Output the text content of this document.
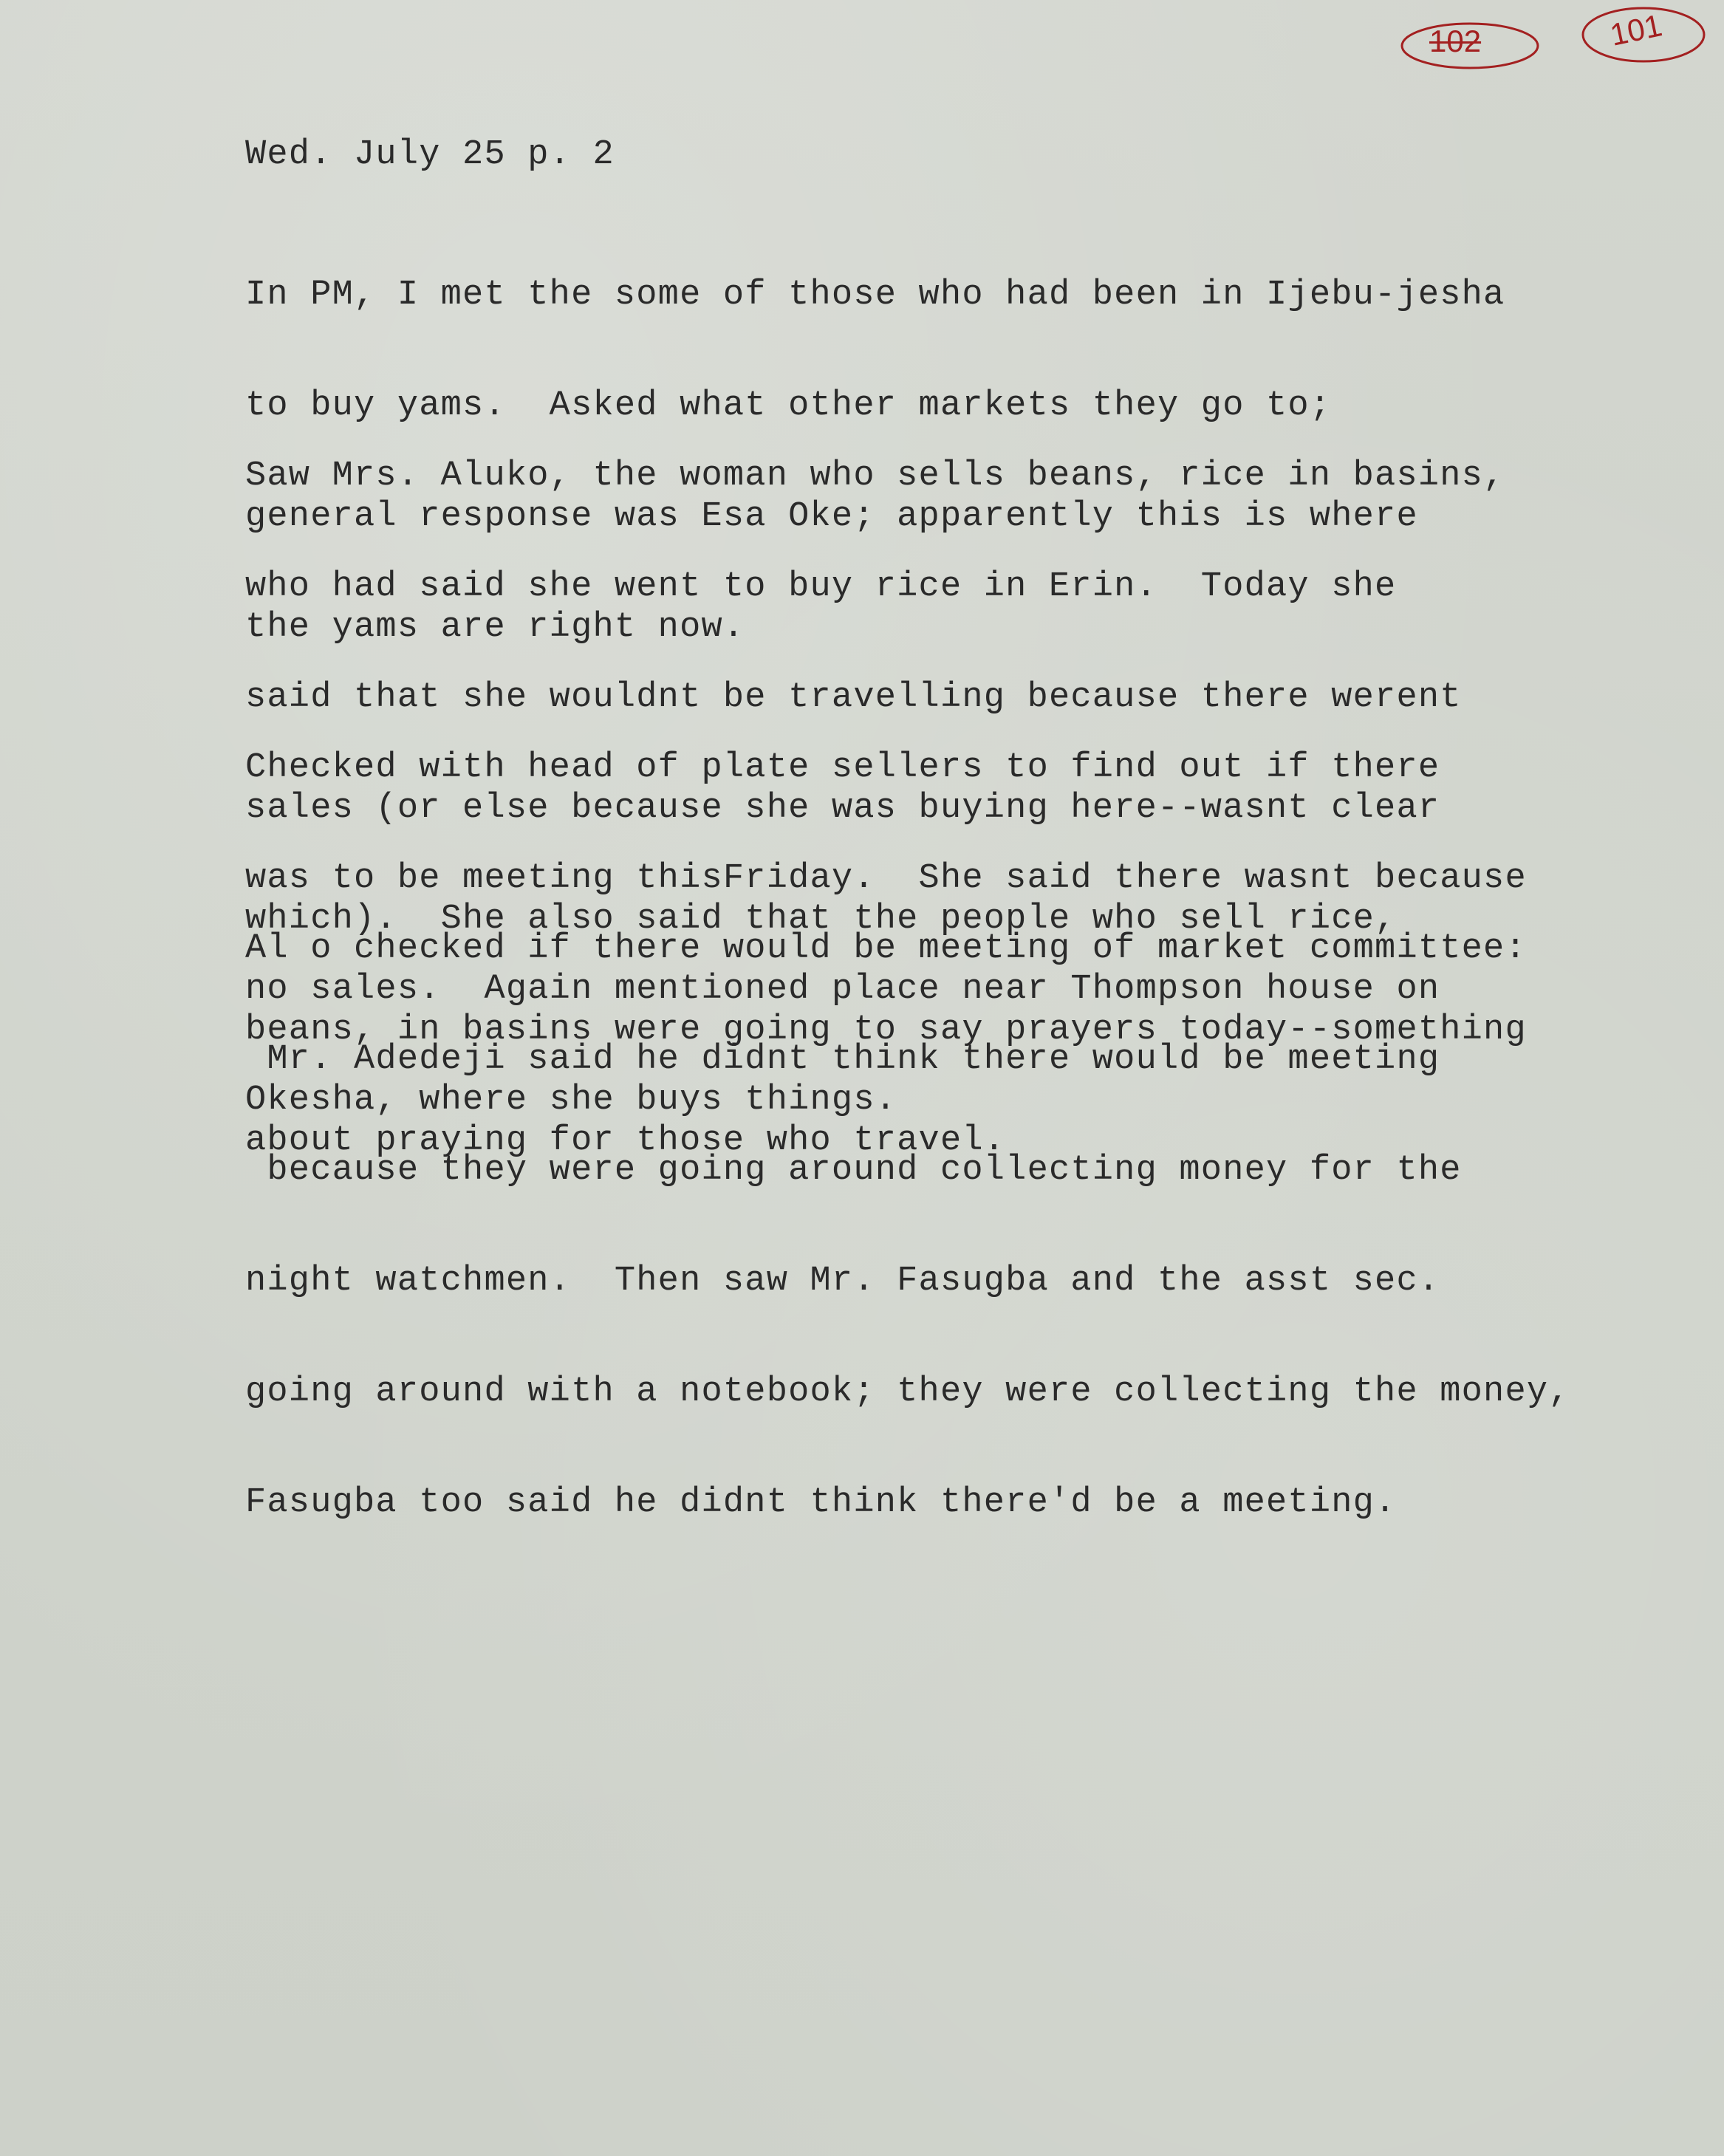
102	101
Wed. July 25 p. 2

In PM, I met the some of those who had been in Ijebu-jesha

to buy yams.  Asked what other markets they go to;

general response was Esa Oke; apparently this is where

the yams are right now.

Saw Mrs. Aluko, the woman who sells beans, rice in basins,

who had said she went to buy rice in Erin.  Today she

said that she wouldnt be travelling because there werent

sales (or else because she was buying here--wasnt clear

which).  She also said that the people who sell rice,

beans, in basins were going to say prayers today--something

about praying for those who travel.

Checked with head of plate sellers to find out if there

was to be meeting thisFriday.  She said there wasnt because

no sales.  Again mentioned place near Thompson house on

Okesha, where she buys things.

Al o checked if there would be meeting of market committee:

Mr. Adedeji said he didnt think there would be meeting

because they were going around collecting money for the

night watchmen.  Then saw Mr. Fasugba and the asst sec.

going around with a notebook; they were collecting the money,

Fasugba too said he didnt think there'd be a meeting.
